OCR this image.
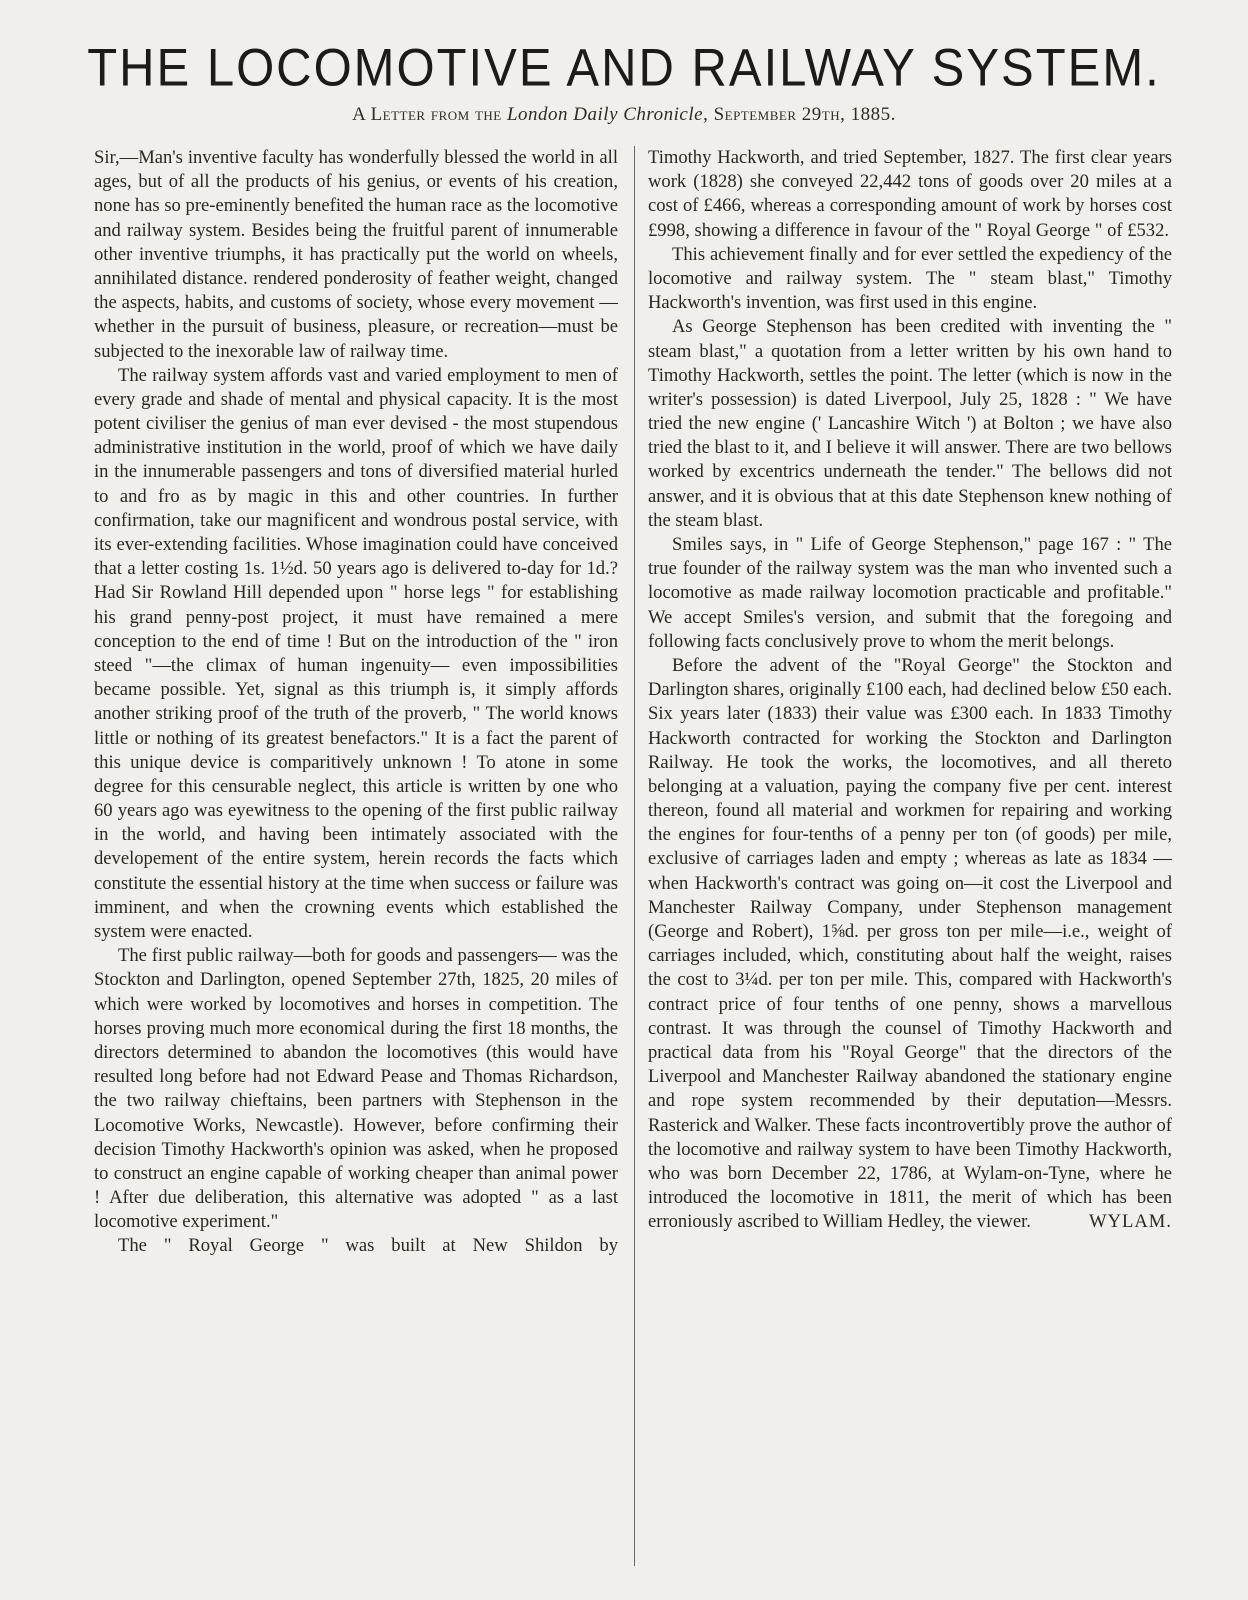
THE LOCOMOTIVE AND RAILWAY SYSTEM.
A Letter from the London Daily Chronicle, September 29th, 1885.

Sir,—Man's inventive faculty has wonderfully blessed the world in all ages, but of all the products of his genius, or events of his creation, none has so pre-eminently benefited the human race as the locomotive and railway system. Besides being the fruitful parent of innumerable other inventive triumphs, it has practically put the world on wheels, annihilated distance. rendered ponderosity of feather weight, changed the aspects, habits, and customs of society, whose every movement —whether in the pursuit of business, pleasure, or recreation—must be subjected to the inexorable law of railway time.

The railway system affords vast and varied employment to men of every grade and shade of mental and physical capacity. It is the most potent civiliser the genius of man ever devised - the most stupendous administrative institution in the world, proof of which we have daily in the innumerable passengers and tons of diversified material hurled to and fro as by magic in this and other countries. In further confirmation, take our magnificent and wondrous postal service, with its ever-extending facilities. Whose imagination could have conceived that a letter costing 1s. 1½d. 50 years ago is delivered to-day for 1d.? Had Sir Rowland Hill depended upon " horse legs " for establishing his grand penny-post project, it must have remained a mere conception to the end of time ! But on the introduction of the " iron steed "—the climax of human ingenuity— even impossibilities became possible. Yet, signal as this triumph is, it simply affords another striking proof of the truth of the proverb, " The world knows little or nothing of its greatest benefactors." It is a fact the parent of this unique device is comparitively unknown ! To atone in some degree for this censurable neglect, this article is written by one who 60 years ago was eyewitness to the opening of the first public railway in the world, and having been intimately associated with the developement of the entire system, herein records the facts which constitute the essential history at the time when success or failure was imminent, and when the crowning events which established the system were enacted.

The first public railway—both for goods and passengers— was the Stockton and Darlington, opened September 27th, 1825, 20 miles of which were worked by locomotives and horses in competition. The horses proving much more economical during the first 18 months, the directors determined to abandon the locomotives (this would have resulted long before had not Edward Pease and Thomas Richardson, the two railway chieftains, been partners with Stephenson in the Locomotive Works, Newcastle). However, before confirming their decision Timothy Hackworth's opinion was asked, when he proposed to construct an engine capable of working cheaper than animal power ! After due deliberation, this alternative was adopted " as a last locomotive experiment."

The " Royal George " was built at New Shildon by

Timothy Hackworth, and tried September, 1827. The first clear years work (1828) she conveyed 22,442 tons of goods over 20 miles at a cost of £466, whereas a corresponding amount of work by horses cost £998, showing a difference in favour of the " Royal George " of £532.

This achievement finally and for ever settled the expediency of the locomotive and railway system. The " steam blast," Timothy Hackworth's invention, was first used in this engine.

As George Stephenson has been credited with inventing the " steam blast," a quotation from a letter written by his own hand to Timothy Hackworth, settles the point. The letter (which is now in the writer's possession) is dated Liverpool, July 25, 1828 : " We have tried the new engine (' Lancashire Witch ') at Bolton ; we have also tried the blast to it, and I believe it will answer. There are two bellows worked by excentrics underneath the tender." The bellows did not answer, and it is obvious that at this date Stephenson knew nothing of the steam blast.

Smiles says, in " Life of George Stephenson," page 167 : " The true founder of the railway system was the man who invented such a locomotive as made railway locomotion practicable and profitable." We accept Smiles's version, and submit that the foregoing and following facts conclusively prove to whom the merit belongs.

Before the advent of the "Royal George" the Stockton and Darlington shares, originally £100 each, had declined below £50 each. Six years later (1833) their value was £300 each. In 1833 Timothy Hackworth contracted for working the Stockton and Darlington Railway. He took the works, the locomotives, and all thereto belonging at a valuation, paying the company five per cent. interest thereon, found all material and workmen for repairing and working the engines for four-tenths of a penny per ton (of goods) per mile, exclusive of carriages laden and empty ; whereas as late as 1834 —when Hackworth's contract was going on—it cost the Liverpool and Manchester Railway Company, under Stephenson management (George and Robert), 1⅝d. per gross ton per mile—i.e., weight of carriages included, which, constituting about half the weight, raises the cost to 3¼d. per ton per mile. This, compared with Hackworth's contract price of four tenths of one penny, shows a marvellous contrast. It was through the counsel of Timothy Hackworth and practical data from his "Royal George" that the directors of the Liverpool and Manchester Railway abandoned the stationary engine and rope system recommended by their deputation—Messrs. Rasterick and Walker. These facts incontrovertibly prove the author of the locomotive and railway system to have been Timothy Hackworth, who was born December 22, 1786, at Wylam-on-Tyne, where he introduced the locomotive in 1811, the merit of which has been erroniously ascribed to William Hedley, the viewer.	WYLAM.
